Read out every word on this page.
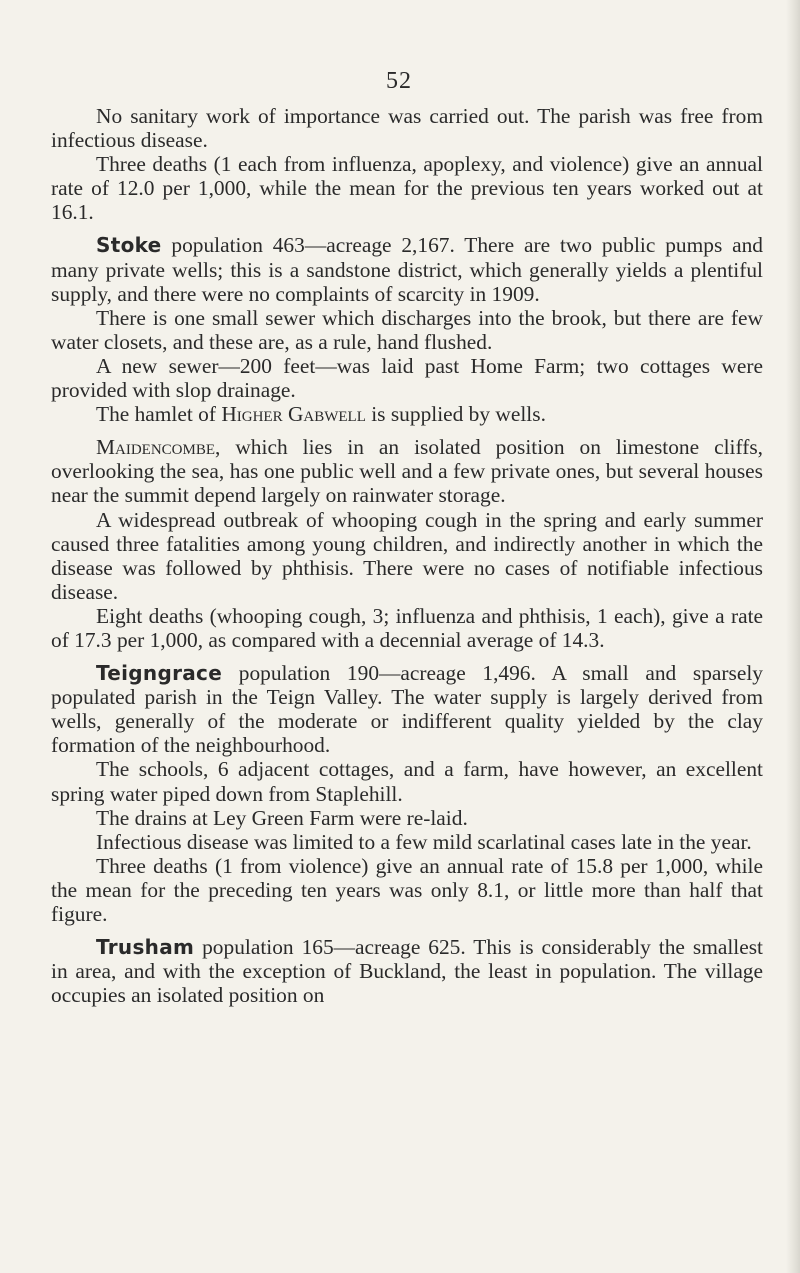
52

No sanitary work of importance was carried out. The parish was free from infectious disease.

Three deaths (1 each from influenza, apoplexy, and violence) give an annual rate of 12.0 per 1,000, while the mean for the previous ten years worked out at 16.1.

Stoke population 463—acreage 2,167. There are two public pumps and many private wells; this is a sandstone district, which generally yields a plentiful supply, and there were no complaints of scarcity in 1909.

There is one small sewer which discharges into the brook, but there are few water closets, and these are, as a rule, hand flushed.

A new sewer—200 feet—was laid past Home Farm; two cottages were provided with slop drainage.

The hamlet of Higher Gabwell is supplied by wells.

Maidencombe, which lies in an isolated position on limestone cliffs, overlooking the sea, has one public well and a few private ones, but several houses near the summit depend largely on rainwater storage.

A widespread outbreak of whooping cough in the spring and early summer caused three fatalities among young children, and indirectly another in which the disease was followed by phthisis. There were no cases of notifiable infectious disease.

Eight deaths (whooping cough, 3; influenza and phthisis, 1 each), give a rate of 17.3 per 1,000, as compared with a decennial average of 14.3.

Teigngrace population 190—acreage 1,496. A small and sparsely populated parish in the Teign Valley. The water supply is largely derived from wells, generally of the moderate or indifferent quality yielded by the clay formation of the neighbourhood.

The schools, 6 adjacent cottages, and a farm, have however, an excellent spring water piped down from Staplehill.

The drains at Ley Green Farm were re-laid.

Infectious disease was limited to a few mild scarlatinal cases late in the year.

Three deaths (1 from violence) give an annual rate of 15.8 per 1,000, while the mean for the preceding ten years was only 8.1, or little more than half that figure.

Trusham population 165—acreage 625. This is considerably the smallest in area, and with the exception of Buckland, the least in population. The village occupies an isolated position on
